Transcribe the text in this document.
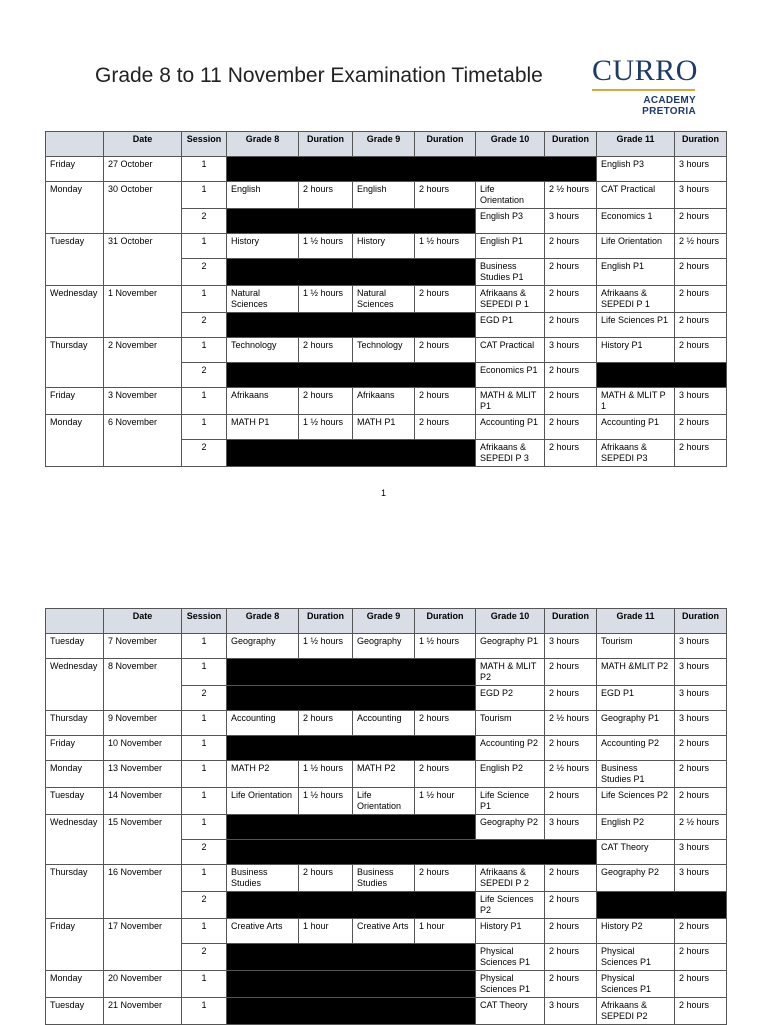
Grade 8 to 11 November Examination Timetable CURRO
ACADEMY
PRETORIA
	Date	Session	Grade 8	Duration	Grade 9	Duration	Grade 10	Duration	Grade 11	Duration
Friday	27 October	1							English P3	3 hours
Monday	30 October	1	English	2 hours	English	2 hours	Life Orientation	2 ½ hours	CAT Practical	3 hours
		2					English P3	3 hours	Economics 1	2 hours
Tuesday	31 October	1	History	1 ½ hours	History	1 ½ hours	English P1	2 hours	Life Orientation	2 ½ hours
		2					Business Studies P1	2 hours	English P1	2 hours
Wednesday	1 November	1	Natural Sciences	1 ½ hours	Natural Sciences	2 hours	Afrikaans & SEPEDI P 1	2 hours	Afrikaans & SEPEDI P 1	2 hours
		2					EGD P1	2 hours	Life Sciences P1	2 hours
Thursday	2 November	1	Technology	2 hours	Technology	2 hours	CAT Practical	3 hours	History P1	2 hours
		2					Economics P1	2 hours		
Friday	3 November	1	Afrikaans	2 hours	Afrikaans	2 hours	MATH & MLIT P1	2 hours	MATH & MLIT P 1	3 hours
Monday	6 November	1	MATH P1	1 ½ hours	MATH P1	2 hours	Accounting P1	2 hours	Accounting P1	2 hours
		2					Afrikaans & SEPEDI P 3	2 hours	Afrikaans & SEPEDI P3	2 hours
1
	Date	Session	Grade 8	Duration	Grade 9	Duration	Grade 10	Duration	Grade 11	Duration
Tuesday	7 November	1	Geography	1 ½ hours	Geography	1 ½ hours	Geography P1	3 hours	Tourism	3 hours
Wednesday	8 November	1					MATH & MLIT P2	2 hours	MATH &MLIT P2	3 hours
		2					EGD P2	2 hours	EGD P1	3 hours
Thursday	9 November	1	Accounting	2 hours	Accounting	2 hours	Tourism	2 ½ hours	Geography P1	3 hours
Friday	10 November	1					Accounting P2	2 hours	Accounting P2	2 hours
Monday	13 November	1	MATH P2	1 ½ hours	MATH P2	2 hours	English P2	2 ½ hours	Business Studies P1	2 hours
Tuesday	14 November	1	Life Orientation	1 ½ hours	Life Orientation	1 ½ hour	Life Science P1	2 hours	Life Sciences P2	2 hours
Wednesday	15 November	1					Geography P2	3 hours	English P2	2 ½ hours
		2							CAT Theory	3 hours
Thursday	16 November	1	Business Studies	2 hours	Business Studies	2 hours	Afrikaans & SEPEDI P 2	2 hours	Geography P2	3 hours
		2					Life Sciences P2	2 hours		
Friday	17 November	1	Creative Arts	1 hour	Creative Arts	1 hour	History P1	2 hours	History P2	2 hours
		2					Physical Sciences P1	2 hours	Physical Sciences P1	2 hours
Monday	20 November	1					Physical Sciences P1	2 hours	Physical Sciences P1	2 hours
Tuesday	21 November	1					CAT Theory	3 hours	Afrikaans & SEPEDI P2	2 hours
